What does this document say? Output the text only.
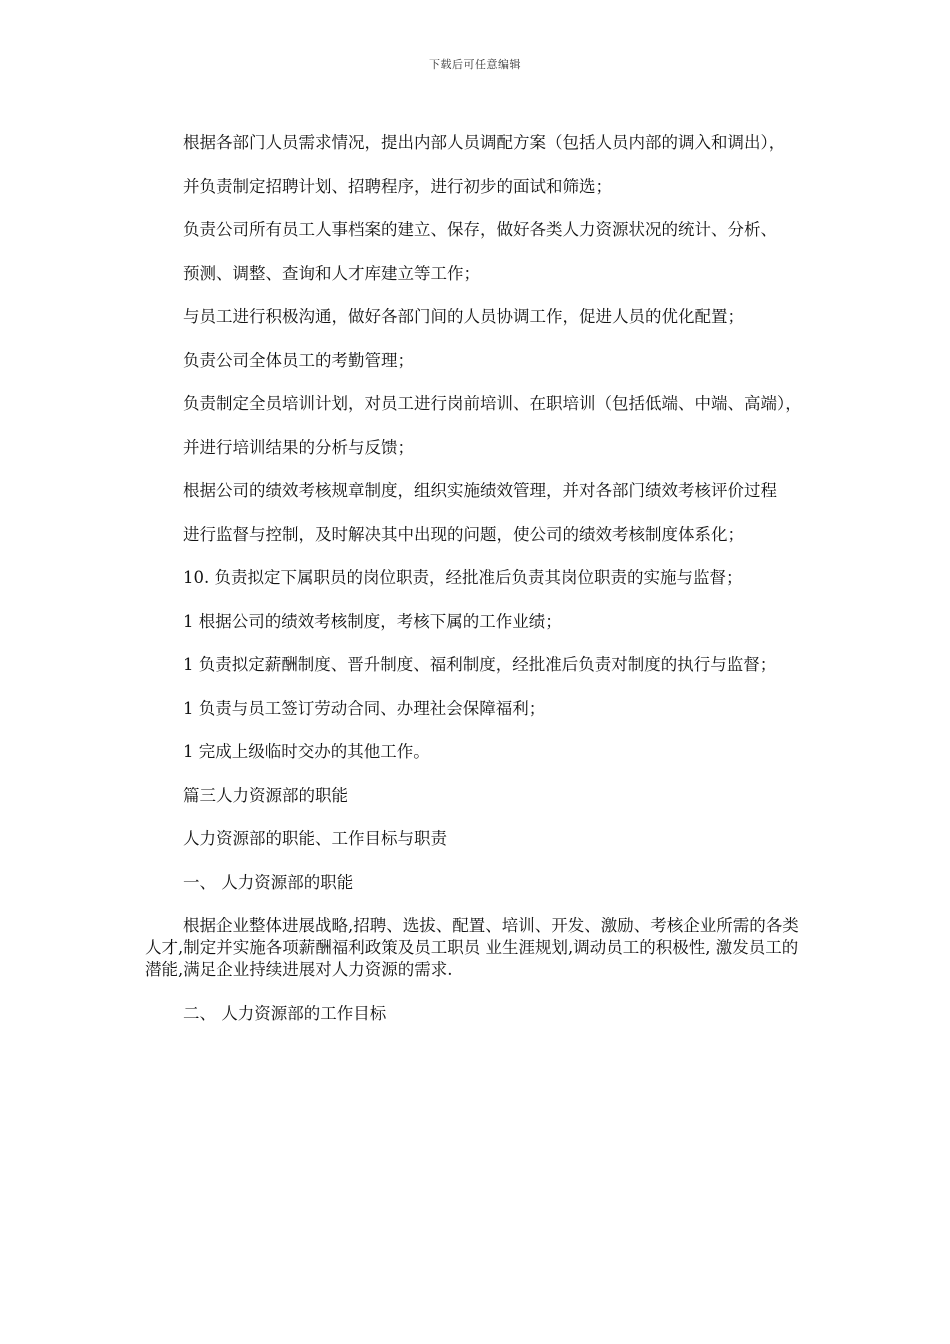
下载后可任意编辑

根据各部门人员需求情况，提出内部人员调配方案（包括人员内部的调入和调出），

并负责制定招聘计划、招聘程序，进行初步的面试和筛选；

负责公司所有员工人事档案的建立、保存，做好各类人力资源状况的统计、分析、

预测、调整、查询和人才库建立等工作；

与员工进行积极沟通，做好各部门间的人员协调工作，促进人员的优化配置；

负责公司全体员工的考勤管理；

负责制定全员培训计划，对员工进行岗前培训、在职培训（包括低端、中端、高端），

并进行培训结果的分析与反馈；

根据公司的绩效考核规章制度，组织实施绩效管理，并对各部门绩效考核评价过程

进行监督与控制，及时解决其中出现的问题，使公司的绩效考核制度体系化；

10. 负责拟定下属职员的岗位职责，经批准后负责其岗位职责的实施与监督；

1 根据公司的绩效考核制度，考核下属的工作业绩；

1 负责拟定薪酬制度、晋升制度、福利制度，经批准后负责对制度的执行与监督；

1 负责与员工签订劳动合同、办理社会保障福利；

1 完成上级临时交办的其他工作。

篇三人力资源部的职能

人力资源部的职能、工作目标与职责

一、 人力资源部的职能

根据企业整体进展战略,招聘、选拔、配置、培训、开发、激励、考核企业所需的各类人才,制定并实施各项薪酬福利政策及员工职员 业生涯规划,调动员工的积极性, 激发员工的潜能,满足企业持续进展对人力资源的需求.

二、 人力资源部的工作目标
